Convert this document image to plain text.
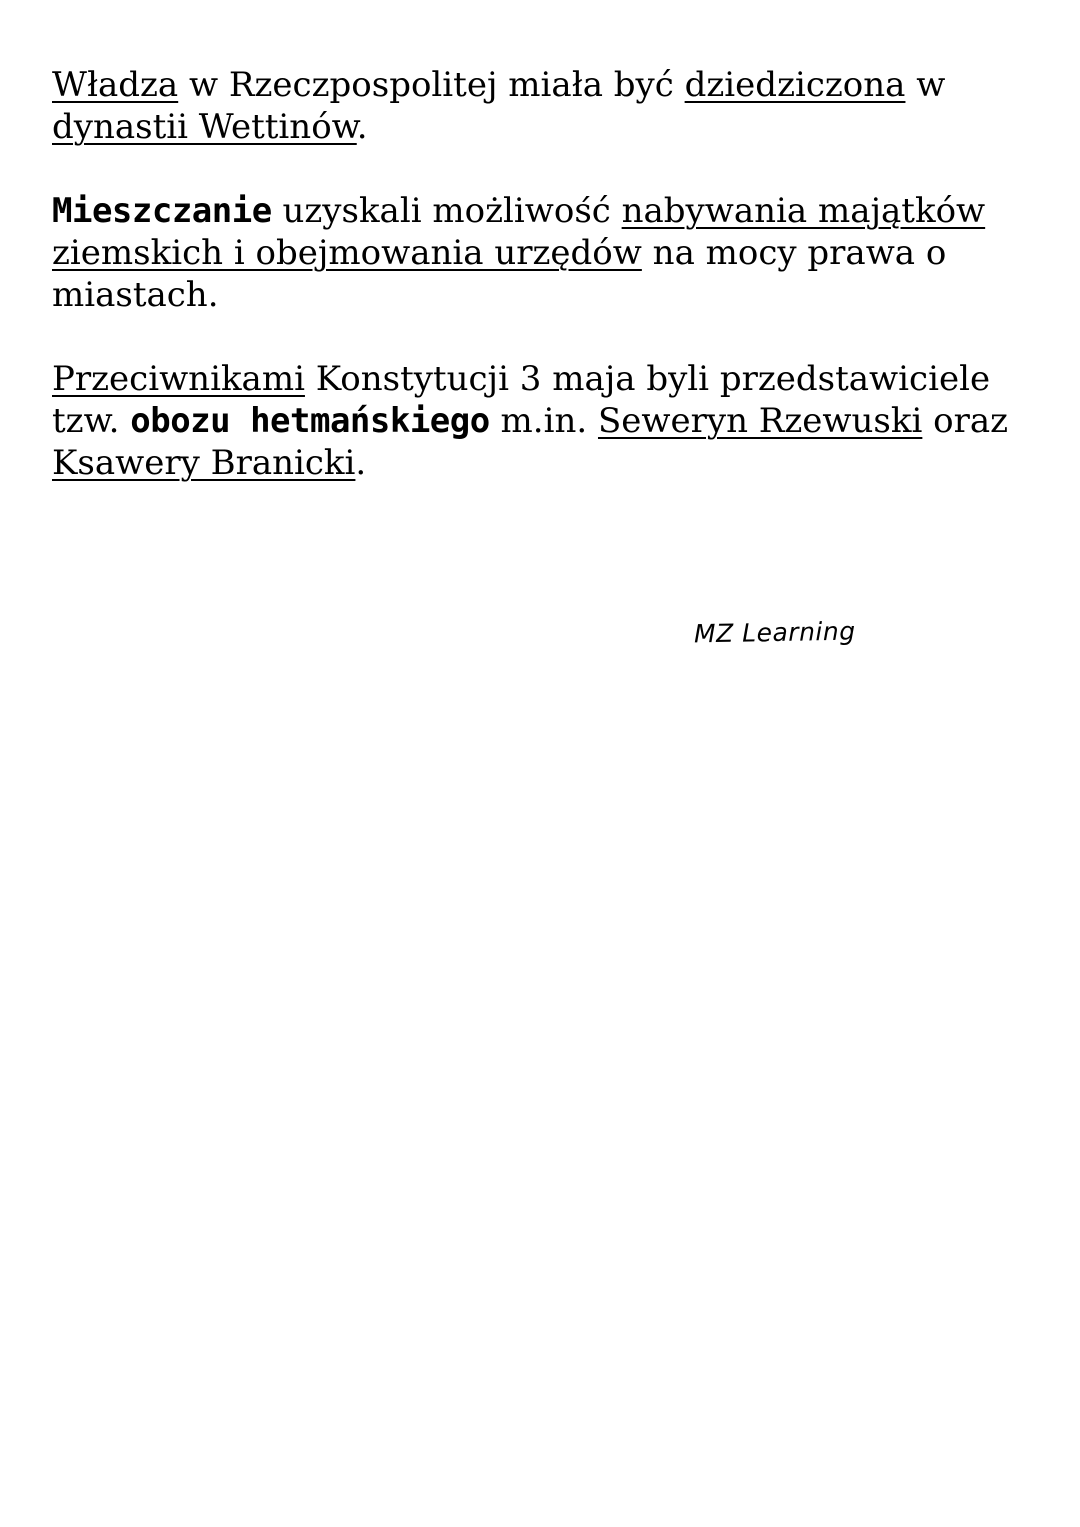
Władza w Rzeczpospolitej miała być dziedziczona w
dynastii Wettinów.

Mieszczanie uzyskali możliwość nabywania majątków ziemskich i obejmowania urzędów na mocy prawa o miastach.

Przeciwnikami Konstytucji 3 maja byli przedstawiciele tzw. obozu hetmańskiego m.in. Seweryn Rzewuski oraz Ksawery Branicki.

MZ Learning
